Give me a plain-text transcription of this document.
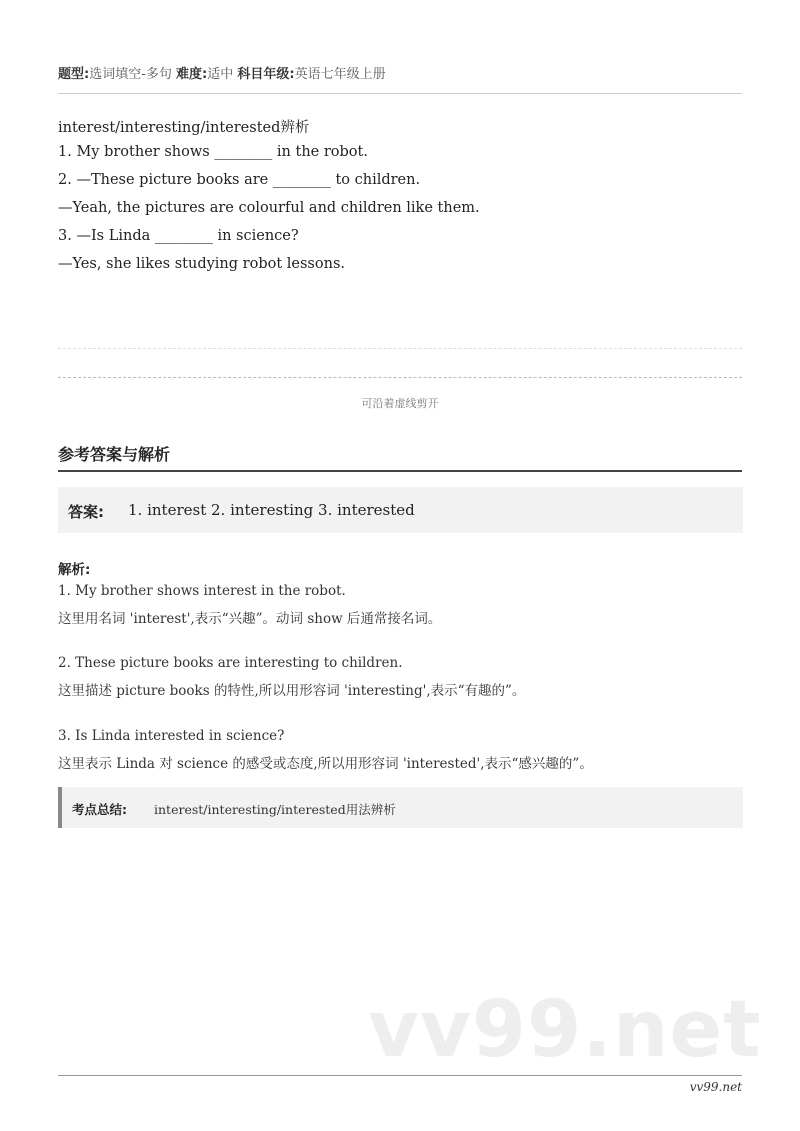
题型:选词填空-多句 难度:适中 科目年级:英语七年级上册
interest/interesting/interested辨析
1. My brother shows ________ in the robot.
2. —These picture books are ________ to children.
—Yeah, the pictures are colourful and children like them.
3. —Is Linda ________ in science?
—Yes, she likes studying robot lessons.
可沿着虚线剪开
参考答案与解析
答案: 1. interest 2. interesting 3. interested
解析:
1. My brother shows interest in the robot.
这里用名词 'interest',表示“兴趣”。动词 show 后通常接名词。
2. These picture books are interesting to children.
这里描述 picture books 的特性,所以用形容词 'interesting',表示“有趣的”。
3. Is Linda interested in science?
这里表示 Linda 对 science 的感受或态度,所以用形容词 'interested',表示“感兴趣的”。
考点总结: interest/interesting/interested用法辨析
vv99.net
vv99.net
